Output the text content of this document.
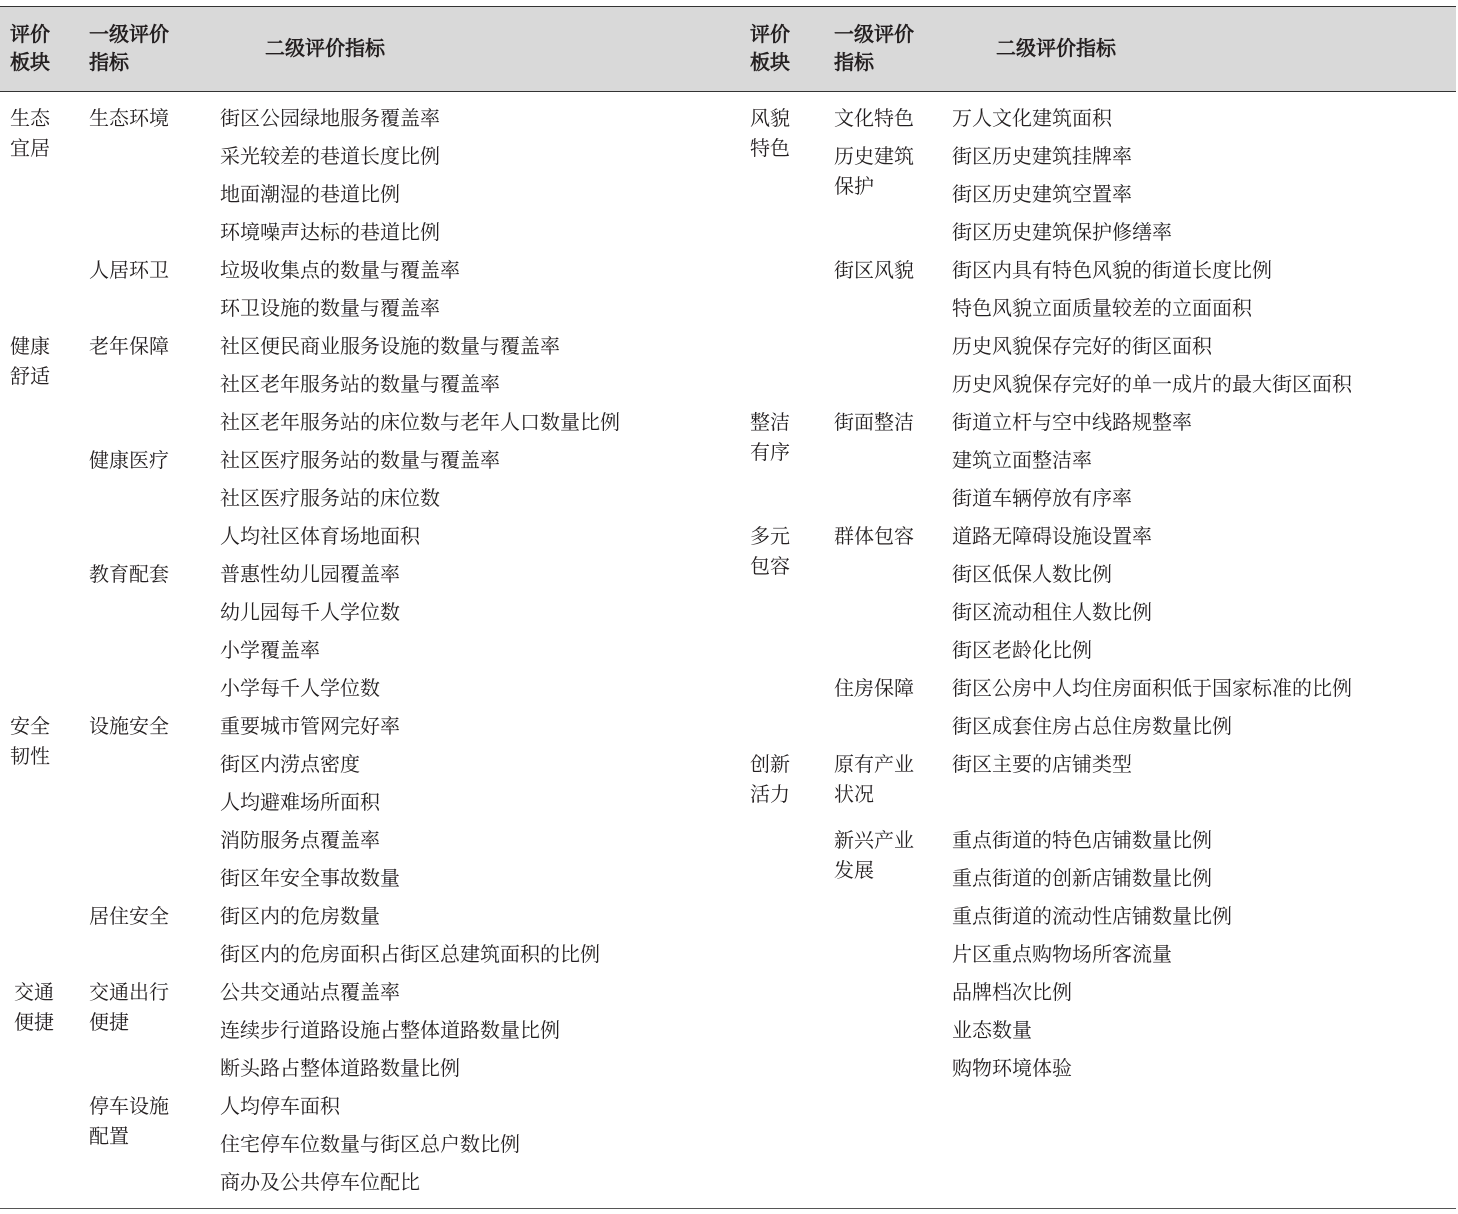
评价
板块
一级评价
指标
二级评价指标
评价
板块
一级评价
指标
二级评价指标
生态
宜居
健康
舒适
安全
韧性
交通
便捷
生态环境
人居环卫
老年保障
健康医疗
教育配套
设施安全
居住安全
交通出行
便捷
停车设施
配置
街区公园绿地服务覆盖率
采光较差的巷道长度比例
地面潮湿的巷道比例
环境噪声达标的巷道比例
垃圾收集点的数量与覆盖率
环卫设施的数量与覆盖率
社区便民商业服务设施的数量与覆盖率
社区老年服务站的数量与覆盖率
社区老年服务站的床位数与老年人口数量比例
社区医疗服务站的数量与覆盖率
社区医疗服务站的床位数
人均社区体育场地面积
普惠性幼儿园覆盖率
幼儿园每千人学位数
小学覆盖率
小学每千人学位数
重要城市管网完好率
街区内涝点密度
人均避难场所面积
消防服务点覆盖率
街区年安全事故数量
街区内的危房数量
街区内的危房面积占街区总建筑面积的比例
公共交通站点覆盖率
连续步行道路设施占整体道路数量比例
断头路占整体道路数量比例
人均停车面积
住宅停车位数量与街区总户数比例
商办及公共停车位配比
风貌
特色
整洁
有序
多元
包容
创新
活力
文化特色
历史建筑
保护
街区风貌
街面整洁
群体包容
住房保障
原有产业
状况
新兴产业
发展
万人文化建筑面积
街区历史建筑挂牌率
街区历史建筑空置率
街区历史建筑保护修缮率
街区内具有特色风貌的街道长度比例
特色风貌立面质量较差的立面面积
历史风貌保存完好的街区面积
历史风貌保存完好的单一成片的最大街区面积
街道立杆与空中线路规整率
建筑立面整洁率
街道车辆停放有序率
道路无障碍设施设置率
街区低保人数比例
街区流动租住人数比例
街区老龄化比例
街区公房中人均住房面积低于国家标准的比例
街区成套住房占总住房数量比例
街区主要的店铺类型
重点街道的特色店铺数量比例
重点街道的创新店铺数量比例
重点街道的流动性店铺数量比例
片区重点购物场所客流量
品牌档次比例
业态数量
购物环境体验
